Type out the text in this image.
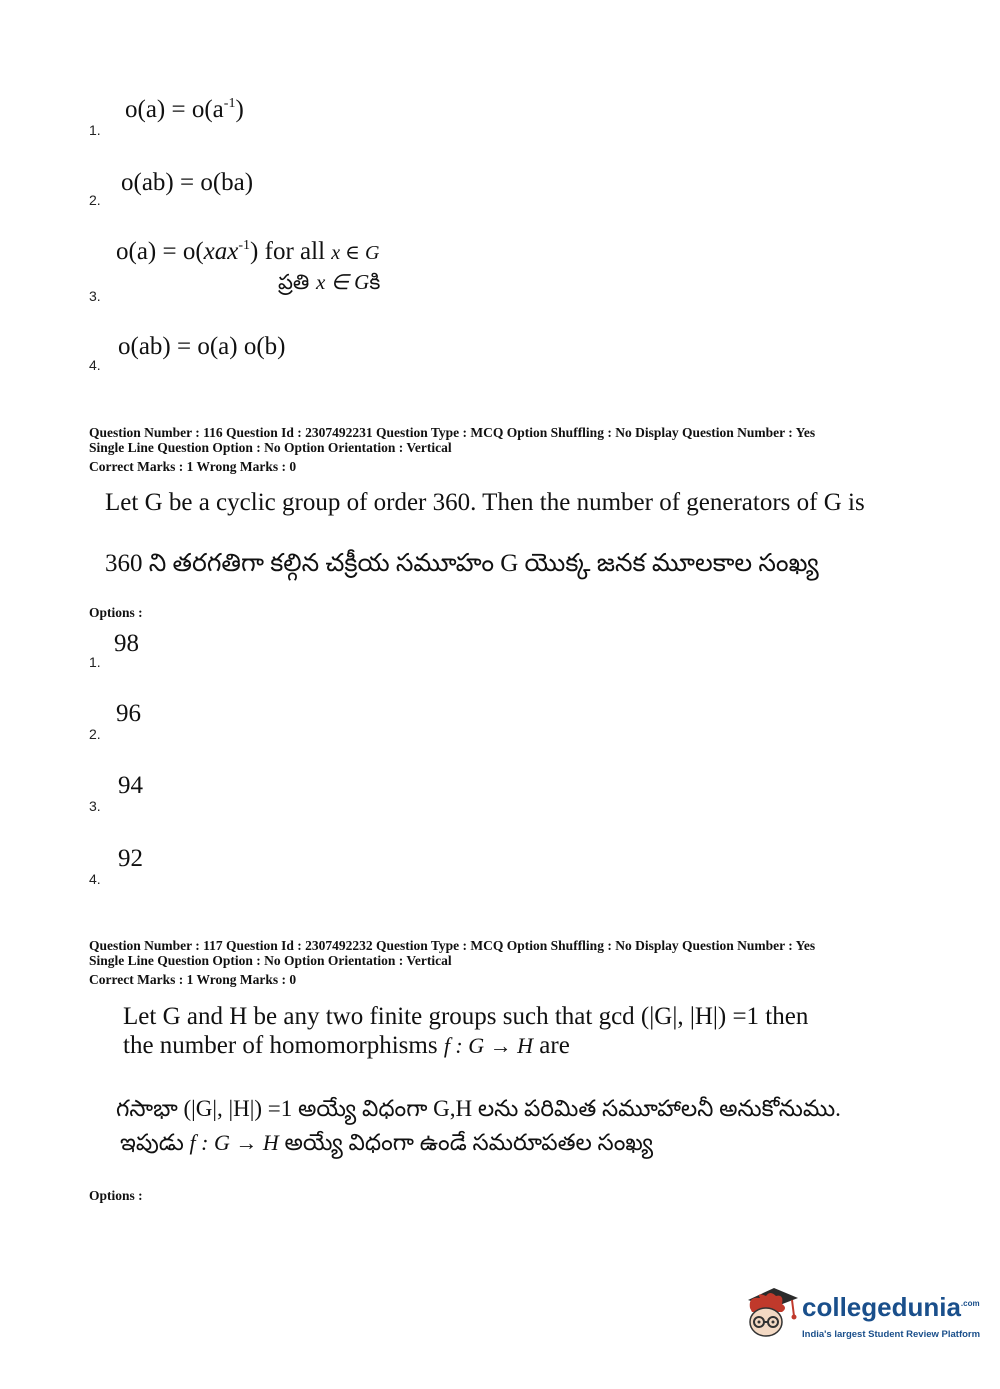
$o(a) = o(a^{-1})$
1.
o(ab) = o(ba)
2.
o(a) = o(xax$^{-1}$) for all x ∈ G
ప్రతి x ∈ Gకి
3.
o(ab) = o(a) o(b)
4.
Question Number : 116 Question Id : 2307492231 Question Type : MCQ Option Shuffling : No Display Question Number : Yes
Single Line Question Option : No Option Orientation : Vertical
Correct Marks : 1 Wrong Marks : 0
Let G be a cyclic group of order 360. Then the number of generators of G is
360 ని తరగతిగా కల్గిన చక్రీయ సమూహం G యొక్క జనక మూలకాల సంఖ్య
Options :
98
1.
96
2.
94
3.
92
4.
Question Number : 117 Question Id : 2307492232 Question Type : MCQ Option Shuffling : No Display Question Number : Yes
Single Line Question Option : No Option Orientation : Vertical
Correct Marks : 1 Wrong Marks : 0
Let G and H be any two finite groups such that gcd (|G|, |H|) =1 then
the number of homomorphisms f : G → H are
గసాభా (|G|, |H|) =1 అయ్యే విధంగా G,H లను పరిమిత సమూహాలనీ అనుకోనుము.
ఇపుడు f : G → H అయ్యే విధంగా ఉండే సమరూపతల సంఖ్య
Options :
collegedunia$^{.com}$
India's largest Student Review Platform
